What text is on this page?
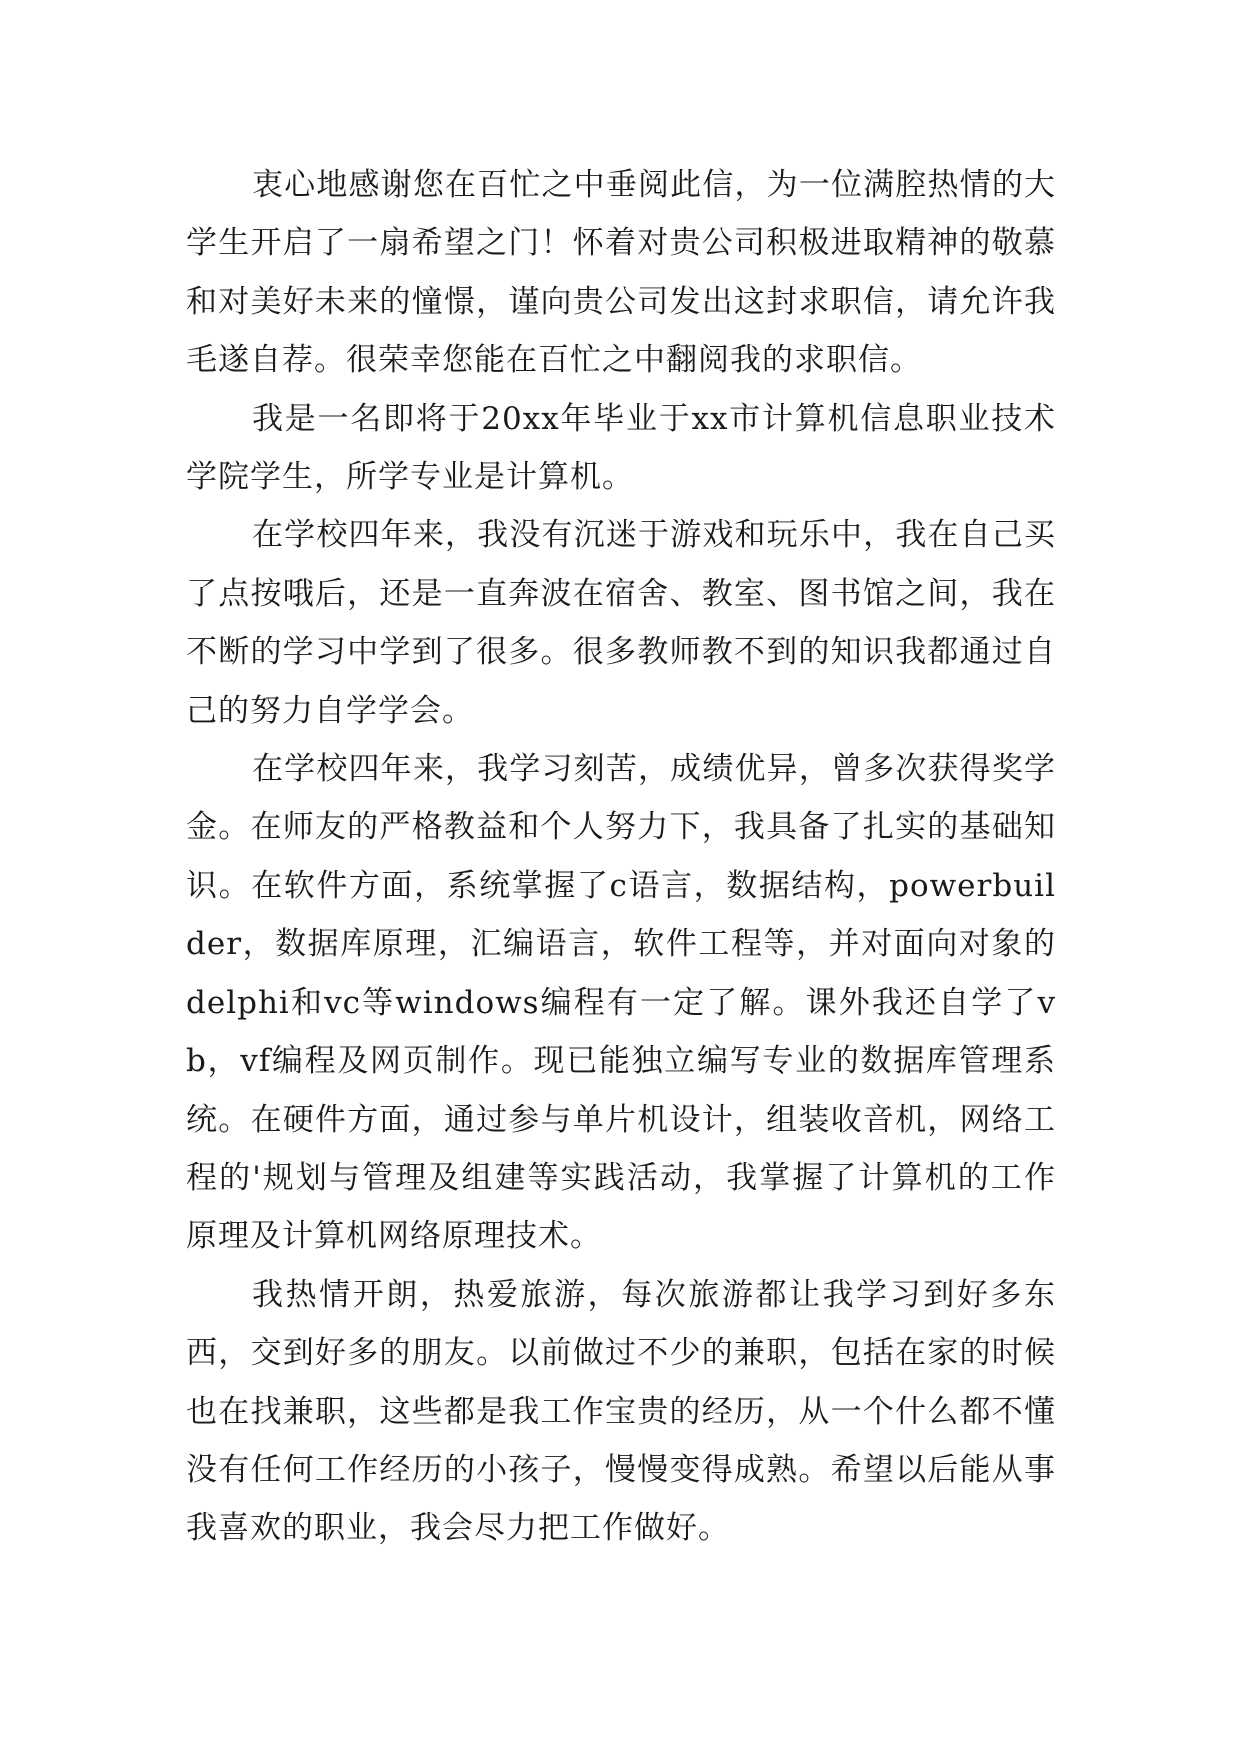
衷心地感谢您在百忙之中垂阅此信，为一位满腔热情的大学生开启了一扇希望之门！怀着对贵公司积极进取精神的敬慕和对美好未来的憧憬，谨向贵公司发出这封求职信，请允许我毛遂自荐。很荣幸您能在百忙之中翻阅我的求职信。

我是一名即将于20xx年毕业于xx市计算机信息职业技术学院学生，所学专业是计算机。

在学校四年来，我没有沉迷于游戏和玩乐中，我在自己买了点按哦后，还是一直奔波在宿舍、教室、图书馆之间，我在不断的学习中学到了很多。很多教师教不到的知识我都通过自己的努力自学学会。

在学校四年来，我学习刻苦，成绩优异，曾多次获得奖学金。在师友的严格教益和个人努力下，我具备了扎实的基础知识。在软件方面，系统掌握了c语言，数据结构，powerbuilder，数据库原理，汇编语言，软件工程等，并对面向对象的delphi和vc等windows编程有一定了解。课外我还自学了vb，vf编程及网页制作。现已能独立编写专业的数据库管理系统。在硬件方面，通过参与单片机设计，组装收音机，网络工程的'规划与管理及组建等实践活动，我掌握了计算机的工作原理及计算机网络原理技术。

我热情开朗，热爱旅游，每次旅游都让我学习到好多东西，交到好多的朋友。以前做过不少的兼职，包括在家的时候也在找兼职，这些都是我工作宝贵的经历，从一个什么都不懂没有任何工作经历的小孩子，慢慢变得成熟。希望以后能从事我喜欢的职业，我会尽力把工作做好。
